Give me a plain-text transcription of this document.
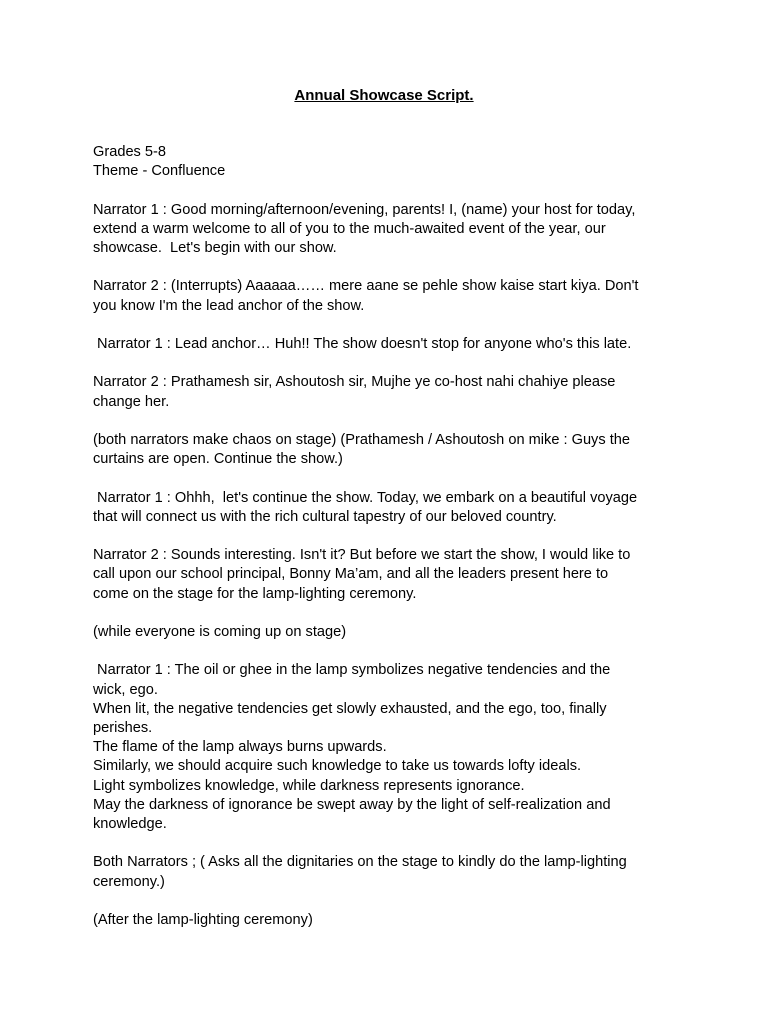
Annual Showcase Script.
Grades 5-8
Theme - Confluence
Narrator 1 : Good morning/afternoon/evening, parents! I, (name) your host for today,
extend a warm welcome to all of you to the much-awaited event of the year, our
showcase.  Let's begin with our show.
Narrator 2 : (Interrupts) Aaaaaa…… mere aane se pehle show kaise start kiya. Don't
you know I'm the lead anchor of the show.
Narrator 1 : Lead anchor… Huh!! The show doesn't stop for anyone who's this late.
Narrator 2 : Prathamesh sir, Ashoutosh sir, Mujhe ye co-host nahi chahiye please
change her.
(both narrators make chaos on stage) (Prathamesh / Ashoutosh on mike : Guys the
curtains are open. Continue the show.)
Narrator 1 : Ohhh,  let's continue the show. Today, we embark on a beautiful voyage
that will connect us with the rich cultural tapestry of our beloved country.
Narrator 2 : Sounds interesting. Isn't it? But before we start the show, I would like to
call upon our school principal, Bonny Ma’am, and all the leaders present here to
come on the stage for the lamp-lighting ceremony.
(while everyone is coming up on stage)
Narrator 1 : The oil or ghee in the lamp symbolizes negative tendencies and the
wick, ego.
When lit, the negative tendencies get slowly exhausted, and the ego, too, finally
perishes.
The flame of the lamp always burns upwards.
Similarly, we should acquire such knowledge to take us towards lofty ideals.
Light symbolizes knowledge, while darkness represents ignorance.
May the darkness of ignorance be swept away by the light of self-realization and
knowledge.
Both Narrators ; ( Asks all the dignitaries on the stage to kindly do the lamp-lighting
ceremony.)
(After the lamp-lighting ceremony)
